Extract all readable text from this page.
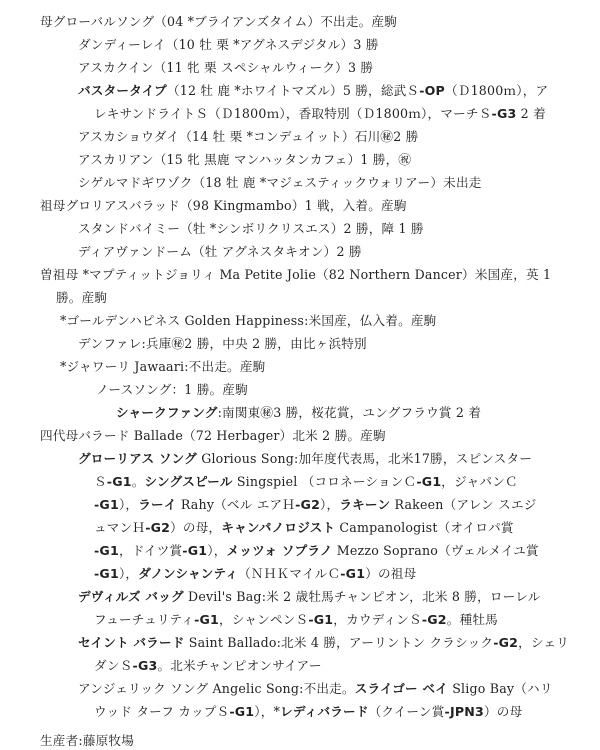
母グローバルソング（04 *ブライアンズタイム）不出走。産駒
ダンディーレイ（10 牡 栗 *アグネスデジタル）3 勝
アスカクイン（11 牝 栗 スペシャルウィーク）3 勝
バスタータイプ（12 牡 鹿 *ホワイトマズル）5 勝，総武Ｓ-OP（Ｄ1800ｍ），ア
レキサンドライトＳ（Ｄ1800ｍ），香取特別（Ｄ1800ｍ），マーチＳ-G3 2 着
アスカショウダイ（14 牡 栗 *コンデュイット）石川㊙2 勝
アスカリアン（15 牝 黒鹿 マンハッタンカフェ）1 勝，㊗
シゲルマドギワゾク（18 牡 鹿 *マジェスティックウォリアー）未出走
祖母グロリアスバラッド（98 Kingmambo）1 戦，入着。産駒
スタンドバイミー（牡 *シンボリクリスエス）2 勝，障 1 勝
ディアヴァンドーム（牡 アグネスタキオン）2 勝
曽祖母 *マプティットジョリィ Ma Petite Jolie（82 Northern Dancer）米国産，英 1
勝。産駒
*ゴールデンハピネス Golden Happiness:米国産，仏入着。産駒
デンファレ:兵庫㊙2 勝，中央 2 勝，由比ヶ浜特別
*ジャワーリ Jawaari:不出走。産駒
ノースソング：1 勝。産駒
シャークファング:南関東㊙3 勝，桜花賞，ユングフラウ賞 2 着
四代母バラード Ballade（72 Herbager）北米 2 勝。産駒
グローリアス ソング Glorious Song:加年度代表馬，北米17勝，スピンスター
Ｓ-G1。シングスピール Singspiel （コロネーションＣ-G1，ジャパンＣ
-G1），ラーイ Rahy（ベル エアＨ-G2），ラキーン Rakeen（アレン スエジ
ュマンＨ-G2）の母，キャンパノロジスト Campanologist（オイロパ賞
-G1，ドイツ賞-G1），メッツォ ソプラノ Mezzo Soprano（ヴェルメイユ賞
-G1），ダノンシャンティ（ＮＨＫマイルＣ-G1）の祖母
デヴィルズ バッグ Devil's Bag:米 2 歳牡馬チャンピオン，北米 8 勝，ローレル
フューチュリティ-G1，シャンペンＳ-G1，カウディンＳ-G2。種牡馬
セイント バラード Saint Ballado:北米 4 勝，アーリントン クラシック-G2，シェリ
ダンＳ-G3。北米チャンピオンサイアー
アンジェリック ソング Angelic Song:不出走。スライゴー ベイ Sligo Bay（ハリ
ウッド ターフ カップＳ-G1），*レディバラード（クイーン賞-JPN3）の母
生産者:藤原牧場
